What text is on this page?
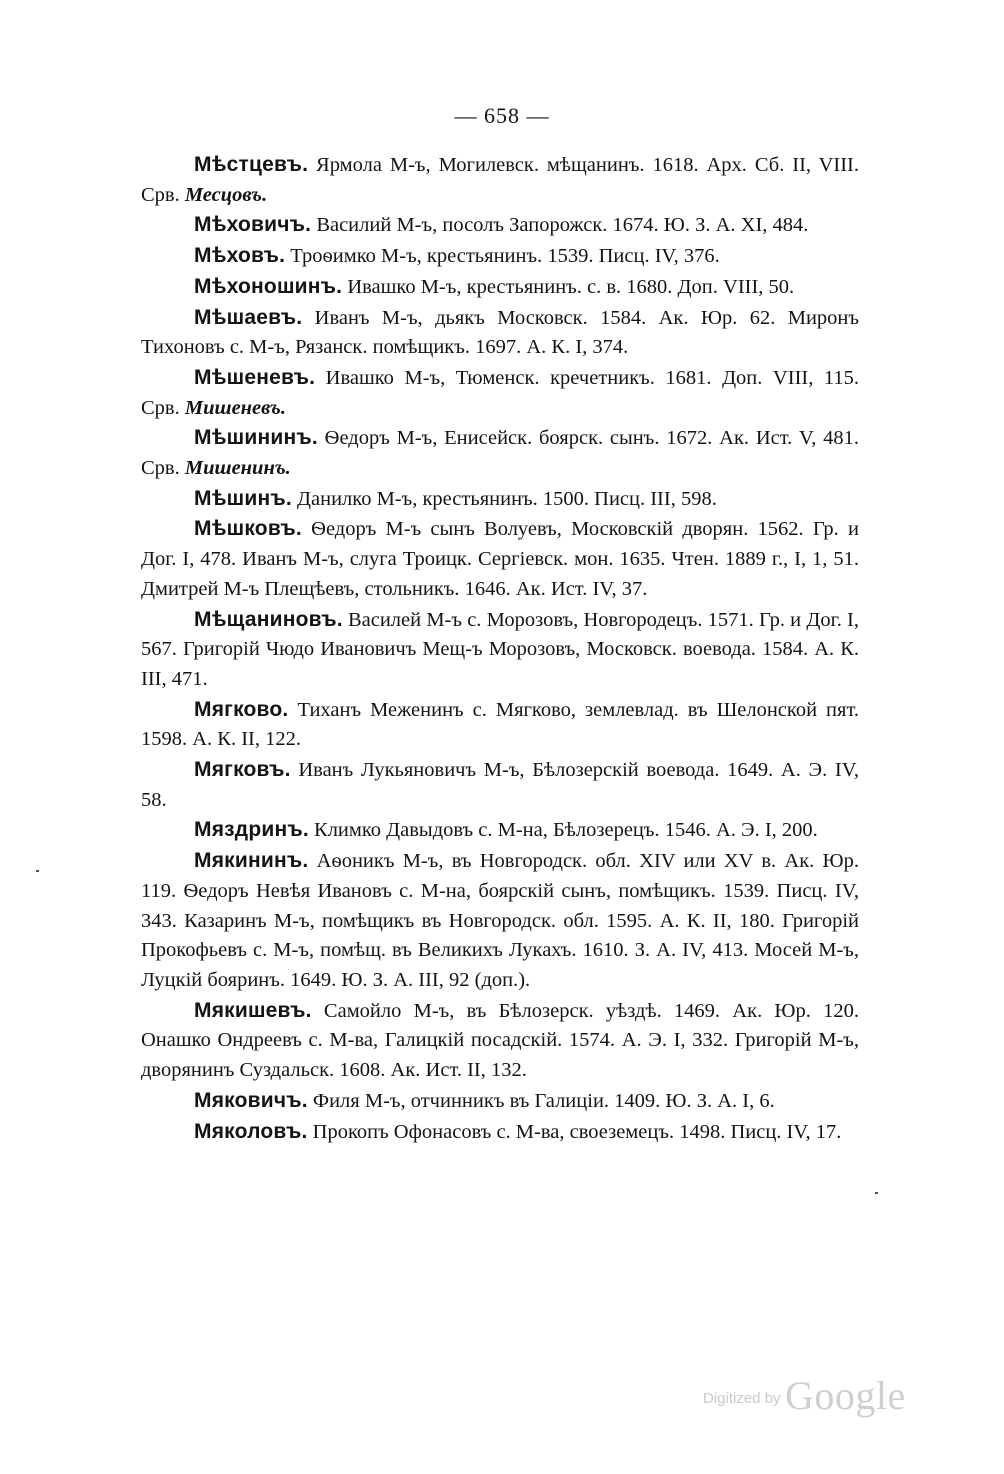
— 658 —

Мѣстцевъ. Ярмола М-ъ, Могилевск. мѣщанинъ. 1618. Арх. Сб. II, VIII. Срв. Месцовъ.

Мѣховичъ. Василий М-ъ, посолъ Запорожск. 1674. Ю. З. А. XI, 484.

Мѣховъ. Троѳимко М-ъ, крестьянинъ. 1539. Писц. IV, 376.

Мѣхоношинъ. Ивашко М-ъ, крестьянинъ. с. в. 1680. Доп. VIII, 50.

Мѣшаевъ. Иванъ М-ъ, дьякъ Московск. 1584. Ак. Юр. 62. Миронъ Тихоновъ с. М-ъ, Рязанск. помѣщикъ. 1697. А. К. I, 374.

Мѣшеневъ. Ивашко М-ъ, Тюменск. кречетникъ. 1681. Доп. VIII, 115. Срв. Мишеневъ.

Мѣшининъ. Ѳедоръ М-ъ, Енисейск. боярск. сынъ. 1672. Ак. Ист. V, 481. Срв. Мишенинъ.

Мѣшинъ. Данилко М-ъ, крестьянинъ. 1500. Писц. III, 598.

Мѣшковъ. Ѳедоръ М-ъ сынъ Волуевъ, Московскій дворян. 1562. Гр. и Дог. I, 478. Иванъ М-ъ, слуга Троицк. Сергіевск. мон. 1635. Чтен. 1889 г., I, 1, 51. Дмитрей М-ъ Плещѣевъ, стольникъ. 1646. Ак. Ист. IV, 37.

Мѣщаниновъ. Василей М-ъ с. Морозовъ, Новгородецъ. 1571. Гр. и Дог. I, 567. Григорій Чюдо Ивановичъ Мещ-ъ Морозовъ, Московск. воевода. 1584. А. К. III, 471.

Мягково. Тиханъ Меженинъ с. Мягково, землевлад. въ Шелонской пят. 1598. А. К. II, 122.

Мягковъ. Иванъ Лукьяновичъ М-ъ, Бѣлозерскій воевода. 1649. А. Э. IV, 58.

Мяздринъ. Климко Давыдовъ с. М-на, Бѣлозерецъ. 1546. А. Э. I, 200.

Мякининъ. Аѳоникъ М-ъ, въ Новгородск. обл. XIV или XV в. Ак. Юр. 119. Ѳедоръ Невѣя Ивановъ с. М-на, боярскій сынъ, помѣщикъ. 1539. Писц. IV, 343. Казаринъ М-ъ, помѣщикъ въ Новгородск. обл. 1595. А. К. II, 180. Григорій Прокофьевъ с. М-ъ, помѣщ. въ Великихъ Лукахъ. 1610. З. А. IV, 413. Мосей М-ъ, Луцкій бояринъ. 1649. Ю. З. А. III, 92 (доп.).

Мякишевъ. Самойло М-ъ, въ Бѣлозерск. уѣздѣ. 1469. Ак. Юр. 120. Онашко Ондреевъ с. М-ва, Галицкій посадскій. 1574. А. Э. I, 332. Григорій М-ъ, дворянинъ Суздальск. 1608. Ак. Ист. II, 132.

Мяковичъ. Филя М-ъ, отчинникъ въ Галиціи. 1409. Ю. З. А. I, 6.

Мяколовъ. Прокопъ Офонасовъ с. М-ва, своеземецъ. 1498. Писц. IV, 17.

Digitized by Google
